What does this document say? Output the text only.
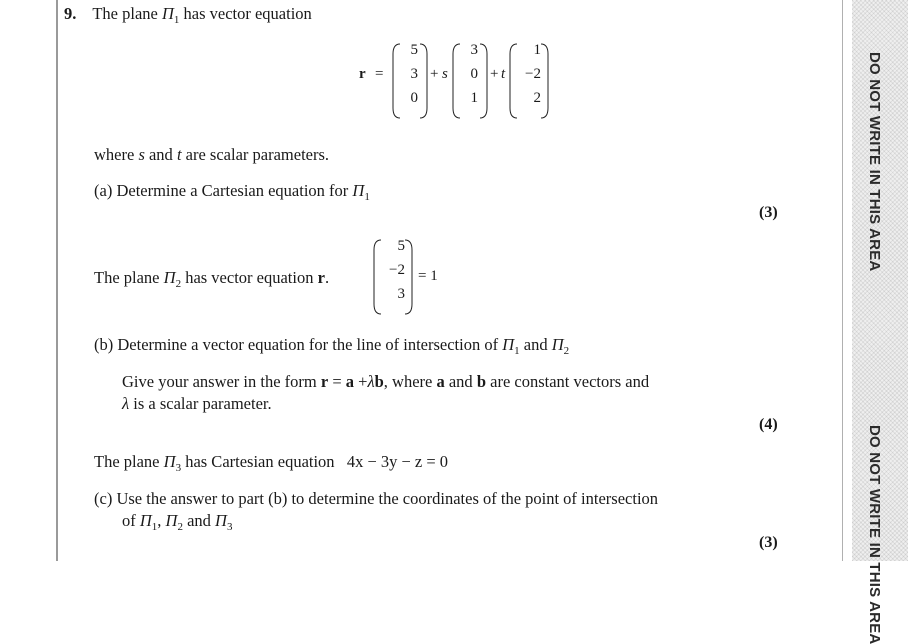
DO NOT WRITE IN THIS AREA
DO NOT WRITE IN THIS AREA
9. The plane $\Pi_1$ has vector equation
r =
5
3
0
+ s
3
0
1
+ t
1
−2
2
where s and t are scalar parameters.
(a) Determine a Cartesian equation for $\Pi_1$
(3)
The plane $\Pi_2$ has vector equation r.
5
−2
3
= 1
(b) Determine a vector equation for the line of intersection of $\Pi_1$ and $\Pi_2$
Give your answer in the form r = a +λb, where a and b are constant vectors and
λ is a scalar parameter.
(4)
The plane $\Pi_3$ has Cartesian equation 4x − 3y − z = 0
(c) Use the answer to part (b) to determine the coordinates of the point of intersection
of $\Pi_1$, $\Pi_2$ and $\Pi_3$
(3)
